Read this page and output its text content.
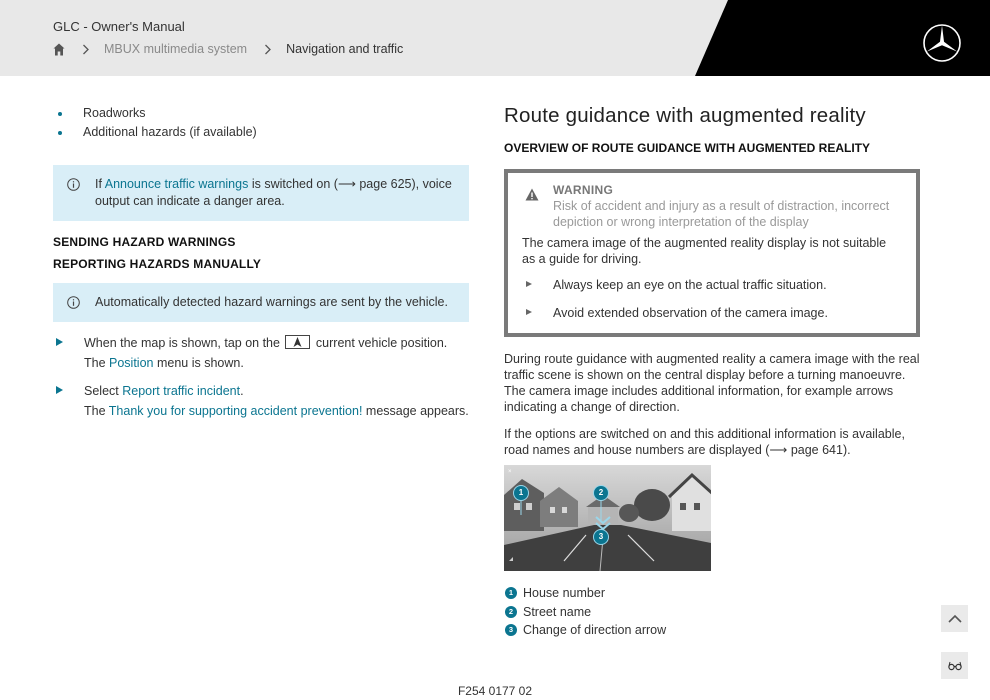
GLC - Owner's Manual
MBUX multimedia system	Navigation and traffic
Roadworks
Additional hazards (if available)
If Announce traffic warnings is switched on (⟶ page 625), voice output can indicate a danger area.
SENDING HAZARD WARNINGS
REPORTING HAZARDS MANUALLY
Automatically detected hazard warnings are sent by the vehicle.
When the map is shown, tap on the	current vehicle position.
The Position menu is shown.
Select Report traffic incident.
The Thank you for supporting accident prevention! message appears.
Route guidance with augmented reality
OVERVIEW OF ROUTE GUIDANCE WITH AUGMENTED REALITY
WARNING
Risk of accident and injury as a result of distraction, incorrect depiction or wrong interpretation of the display
The camera image of the augmented reality display is not suitable as a guide for driving.
Always keep an eye on the actual traffic situation.
Avoid extended observation of the camera image.

During route guidance with augmented reality a camera image with the real traffic scene is shown on the central display before a turning manoeuvre. The camera image includes additional information, for example arrows indicating a change of direction.

If the options are switched on and this additional information is available, road names and house numbers are displayed (⟶ page 641).

×
1	2
3
1 House number
2 Street name
3 Change of direction arrow
F254 0177 02
